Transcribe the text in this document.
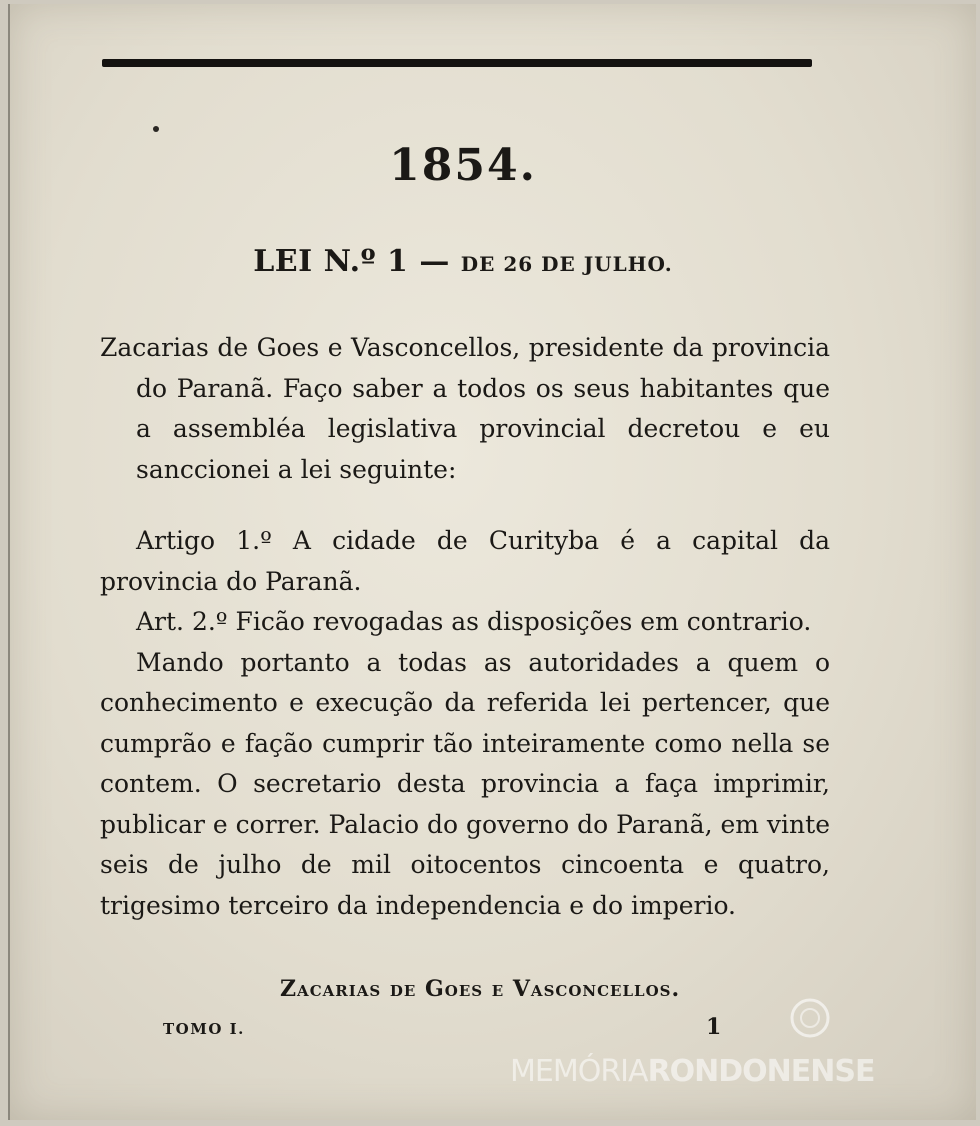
1854.
LEI N.º 1 — DE 26 DE JULHO.

Zacarias de Goes e Vasconcellos, presidente da provincia do Paranã. Faço saber a todos os seus habitantes que a assembléa legislativa provincial decretou e eu sanccionei a lei seguinte:

Artigo 1.º A cidade de Curityba é a capital da provincia do Paranã.

Art. 2.º Ficão revogadas as disposições em contrario.

Mando portanto a todas as autoridades a quem o conhecimento e execução da referida lei pertencer, que cumprão e fação cumprir tão inteiramente como nella se contem. O secretario desta provincia a faça imprimir, publicar e correr. Palacio do governo do Paranã, em vinte seis de julho de mil oitocentos cincoenta e quatro, trigesimo terceiro da independencia e do imperio.

Zacarias de Goes e Vasconcellos.
TOMO I.	1
MEMÓRIARONDONENSE
